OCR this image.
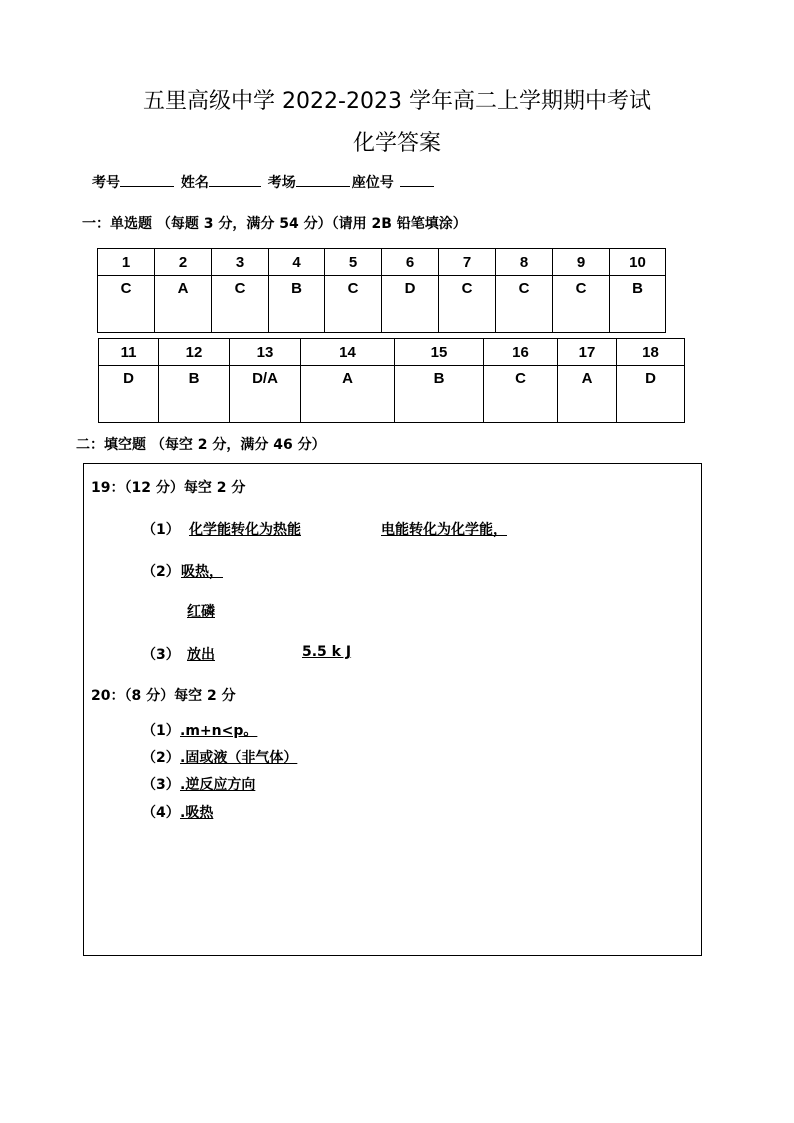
五里高级中学 2022-2023 学年高二上学期期中考试
化学答案
考号	姓名	考场	座位号
一：单选题 （每题 3 分，满分 54 分）（请用 2B 铅笔填涂）
1	2	3	4	5	6	7	8	9	10
C	A	C	B	C	D	C	C	C	B
11	12	13	14	15	16	17	18
D	B	D/A	A	B	C	A	D
二：填空题 （每空 2 分，满分 46 分）
19：（12 分）每空 2 分
（1） 化学能转化为热能	电能转化为化学能，
（2） 吸热，
红磷
（3） 放出	5.5 k J
20：（8 分）每空 2 分
（1） .m+n<p。
（2） .固或液（非气体）
（3） .逆反应方向
（4） .吸热
